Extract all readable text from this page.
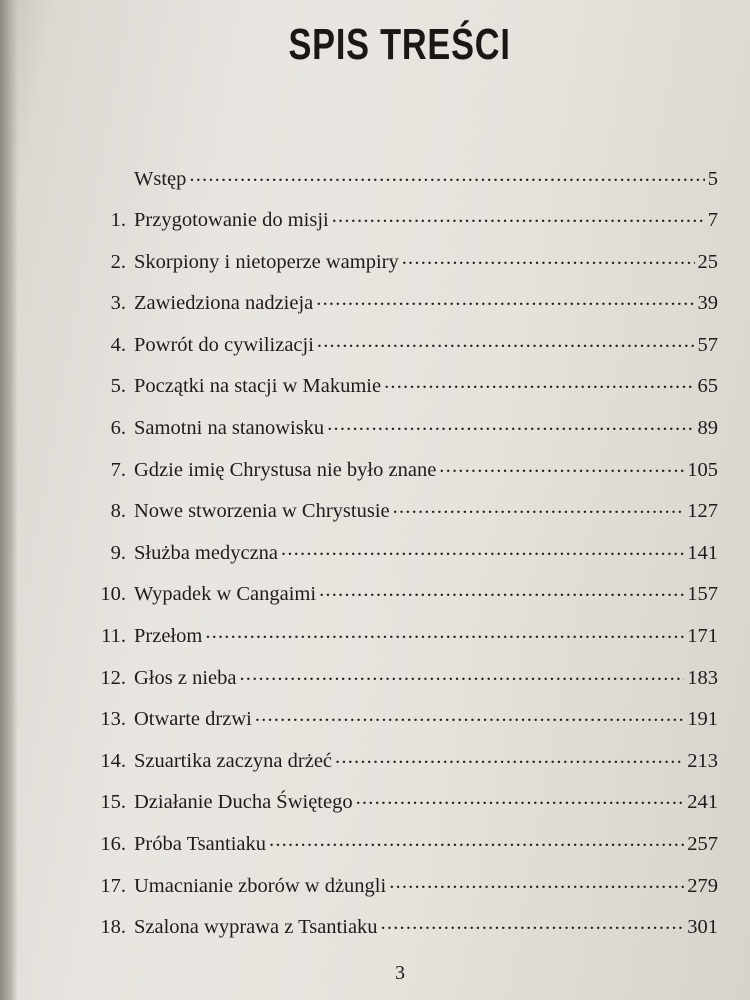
SPIS TREŚCI
Wstęp .....	5
1. Przygotowanie do misji .....	7
2. Skorpiony i nietoperze wampiry .....	25
3. Zawiedziona nadzieja .....	39
4. Powrót do cywilizacji .....	57
5. Początki na stacji w Makumie .....	65
6. Samotni na stanowisku .....	89
7. Gdzie imię Chrystusa nie było znane .....	105
8. Nowe stworzenia w Chrystusie .....	127
9. Służba medyczna .....	141
10. Wypadek w Cangaimi .....	157
11. Przełom .....	171
12. Głos z nieba .....	183
13. Otwarte drzwi .....	191
14. Szuartika zaczyna drżeć .....	213
15. Działanie Ducha Świętego .....	241
16. Próba Tsantiaku .....	257
17. Umacnianie zborów w dżungli .....	279
18. Szalona wyprawa z Tsantiaku .....	301
3
